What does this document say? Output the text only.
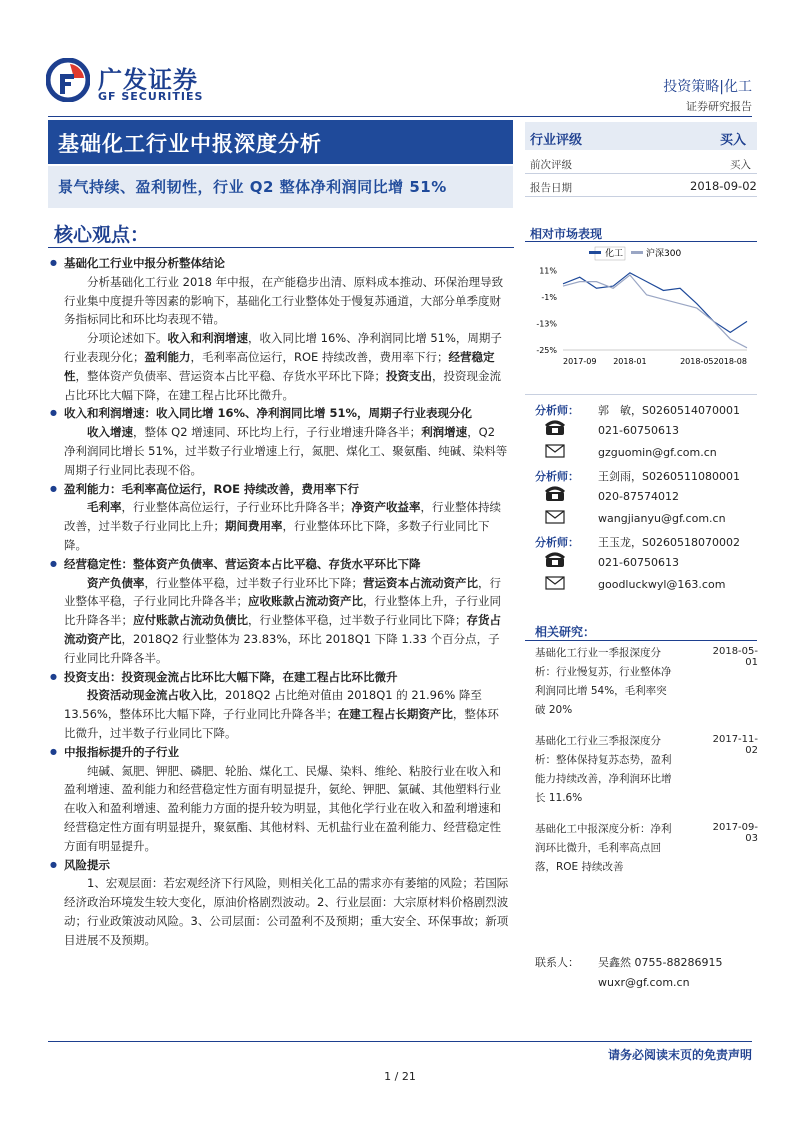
广发证券
GF SECURITIES
投资策略|化工
证券研究报告
基础化工行业中报深度分析
景气持续、盈利韧性，行业 Q2 整体净利润同比增 51%
行业评级	买入
前次评级	买入
报告日期	2018-09-02
核心观点：

● 基础化工行业中报分析整体结论

分析基础化工行业 2018 年中报，在产能稳步出清、原料成本推动、环保治理导致行业集中度提升等因素的影响下，基础化工行业整体处于慢复苏通道，大部分单季度财务指标同比和环比均表现不错。

分项论述如下。收入和利润增速，收入同比增 16%、净利润同比增 51%，周期子行业表现分化；盈利能力，毛利率高位运行，ROE 持续改善，费用率下行；经营稳定性，整体资产负债率、营运资本占比平稳、存货水平环比下降；投资支出，投资现金流占比环比大幅下降，在建工程占比环比微升。

● 收入和利润增速：收入同比增 16%、净利润同比增 51%，周期子行业表现分化

收入增速，整体 Q2 增速同、环比均上行，子行业增速升降各半；利润增速，Q2 净利润同比增长 51%，过半数子行业增速上行，氮肥、煤化工、聚氨酯、纯碱、染料等周期子行业同比表现不俗。

● 盈利能力：毛利率高位运行，ROE 持续改善，费用率下行

毛利率，行业整体高位运行，子行业环比升降各半；净资产收益率，行业整体持续改善，过半数子行业同比上升；期间费用率，行业整体环比下降，多数子行业同比下降。

● 经营稳定性：整体资产负债率、营运资本占比平稳、存货水平环比下降

资产负债率，行业整体平稳，过半数子行业环比下降；营运资本占流动资产比，行业整体平稳，子行业同比升降各半；应收账款占流动资产比，行业整体上升，子行业同比升降各半；应付账款占流动负债比，行业整体平稳，过半数子行业同比下降；存货占流动资产比，2018Q2 行业整体为 23.83%，环比 2018Q1 下降 1.33 个百分点，子行业同比升降各半。

● 投资支出：投资现金流占比环比大幅下降，在建工程占比环比微升

投资活动现金流占收入比，2018Q2 占比绝对值由 2018Q1 的 21.96% 降至 13.56%，整体环比大幅下降，子行业同比升降各半；在建工程占长期资产比，整体环比微升，过半数子行业同比下降。

● 中报指标提升的子行业

纯碱、氮肥、钾肥、磷肥、轮胎、煤化工、民爆、染料、维纶、粘胶行业在收入和盈利增速、盈利能力和经营稳定性方面有明显提升，氨纶、钾肥、氯碱、其他塑料行业在收入和盈利增速、盈利能力方面的提升较为明显，其他化学行业在收入和盈利增速和经营稳定性方面有明显提升，聚氨酯、其他材料、无机盐行业在盈利能力、经营稳定性方面有明显提升。

● 风险提示

1、宏观层面：若宏观经济下行风险，则相关化工品的需求亦有萎缩的风险；若国际经济政治环境发生较大变化，原油价格剧烈波动。2、行业层面：大宗原材料价格剧烈波动；行业政策波动风险。3、公司层面：公司盈利不及预期；重大安全、环保事故；新项目进展不及预期。

相对市场表现
化工	沪深300
11%
-1%
-13%
-25%
2017-09 2018-01	2018-05 2018-08
分析师： 郭　敏，S0260514070001
021-60750613
gzguomin@gf.com.cn
分析师： 王剑雨，S0260511080001
020-87574012
wangjianyu@gf.com.cn
分析师： 王玉龙，S0260518070002
021-60750613
goodluckwyl@163.com
相关研究：
基础化工行业一季报深度分析：行业慢复苏，行业整体净利润同比增 54%，毛利率突破 20%
2018-05-01
基础化工行业三季报深度分析：整体保持复苏态势，盈利能力持续改善，净利润环比增长 11.6%
2017-11-02
基础化工中报深度分析：净利润环比微升，毛利率高点回落，ROE 持续改善
2017-09-03
联系人： 吴鑫然 0755-88286915
wuxr@gf.com.cn
请务必阅读末页的免责声明
1 / 21
